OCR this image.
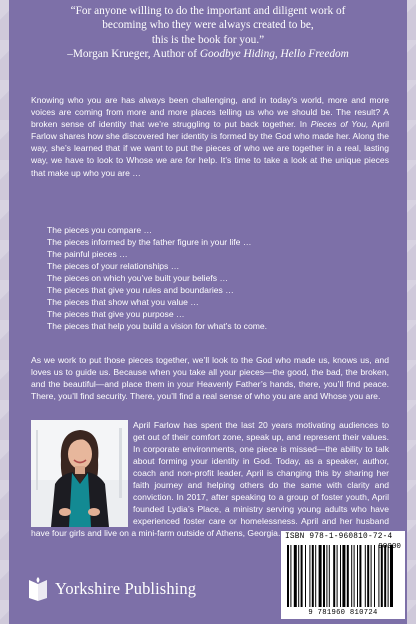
“For anyone willing to do the important and diligent work of
becoming who they were always created to be,
this is the book for you.”
–Morgan Krueger, Author of Goodbye Hiding, Hello Freedom
Knowing who you are has always been challenging, and in today’s world, more and more voices are coming from more and more places telling us who we should be. The result? A broken sense of identity that we’re struggling to put back together. In Pieces of You, April Farlow shares how she discovered her identity is formed by the God who made her. Along the way, she’s learned that if we want to put the pieces of who we are together in a real, lasting way, we have to look to Whose we are for help. It’s time to take a look at the unique pieces that make up who you are …
The pieces you compare …
The pieces informed by the father figure in your life …
The painful pieces …
The pieces of your relationships …
The pieces on which you’ve built your beliefs …
The pieces that give you rules and boundaries …
The pieces that show what you value …
The pieces that give you purpose …
The pieces that help you build a vision for what’s to come.
As we work to put those pieces together, we’ll look to the God who made us, knows us, and loves us to guide us. Because when you take all your pieces—the good, the bad, the broken, and the beautiful—and place them in your Heavenly Father’s hands, there, you’ll find peace. There, you’ll find security. There, you’ll find a real sense of who you are and Whose you are.
April Farlow has spent the last 20 years motivating audiences to get out of their comfort zone, speak up, and represent their values. In corporate environments, one piece is missed—the ability to talk about forming your identity in God. Today, as a speaker, author, coach and non-profit leader, April is changing this by sharing her faith journey and helping others do the same with clarity and conviction. In 2017, after speaking to a group of foster youth, April founded Lydia’s Place, a ministry serving young adults who have experienced foster care or homelessness. April and her husband have four girls and live on a mini-farm outside of Athens, Georgia. ISBN 978-1-960810-72-4
9 781960 810724
90000
Yorkshire Publishing
